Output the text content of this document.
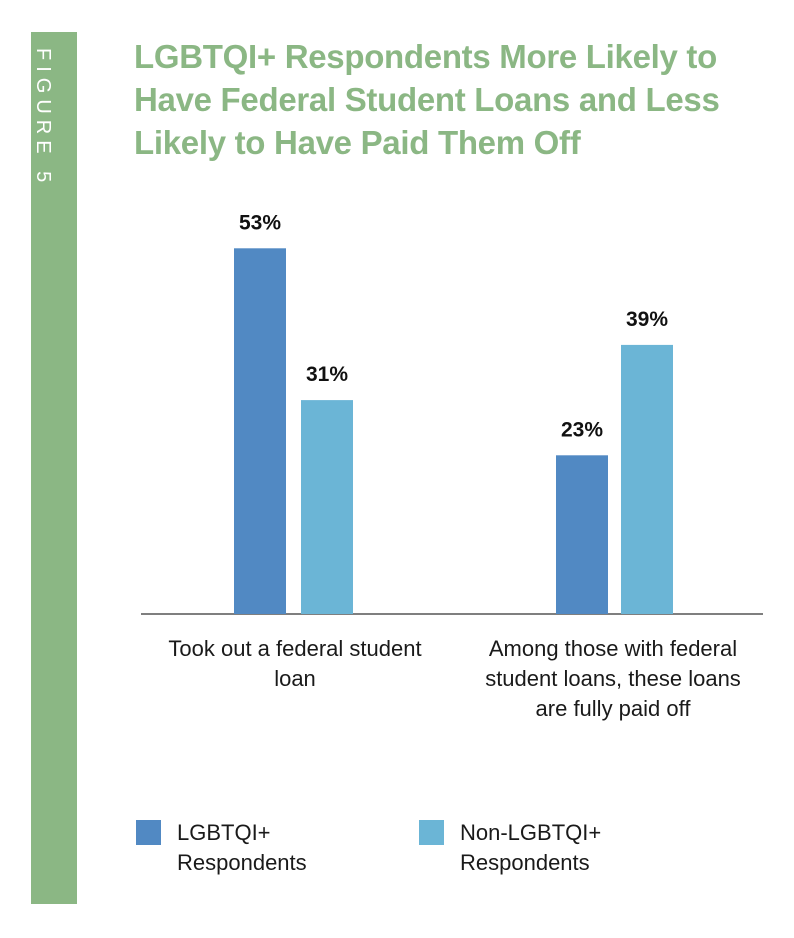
FIGURE 5 LGBTQI+ Respondents More Likely to Have Federal Student Loans and Less Likely to Have Paid Them Off
53%
23%
31%
39%
Took out a federal student loan
Among those with federal student loans, these loans are fully paid off
LGBTQI+ Respondents
Non-LGBTQI+ Respondents
